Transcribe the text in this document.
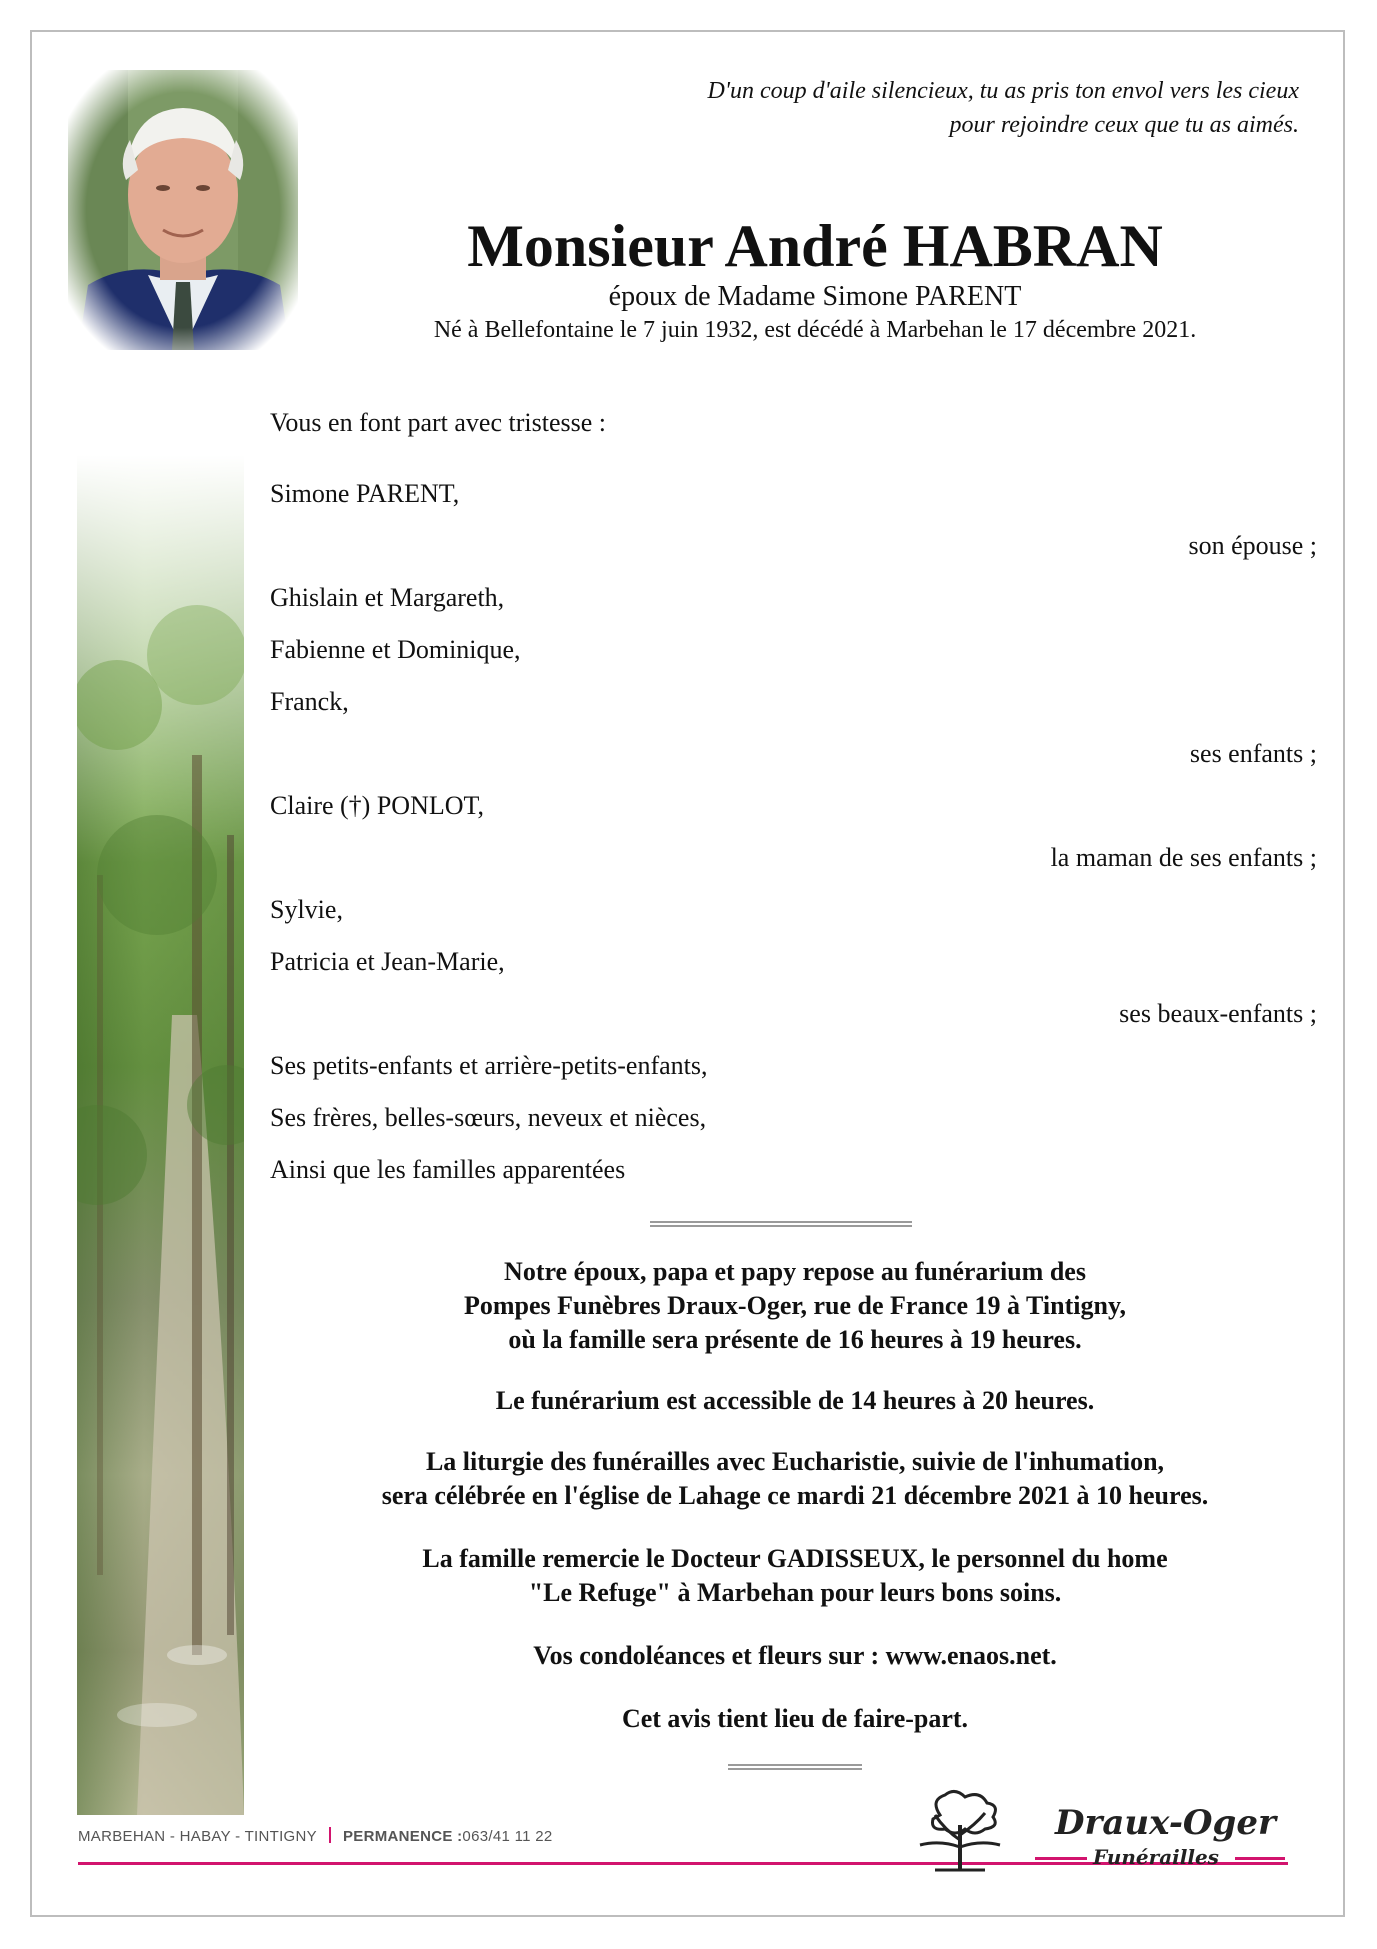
D'un coup d'aile silencieux, tu as pris ton envol vers les cieux
pour rejoindre ceux que tu as aimés.
Monsieur André HABRAN
époux de Madame Simone PARENT
Né à Bellefontaine le 7 juin 1932, est décédé à Marbehan le 17 décembre 2021.
Vous en font part avec tristesse :
Simone PARENT,
son épouse ;
Ghislain et Margareth,
Fabienne et Dominique,
Franck,
ses enfants ;
Claire (†) PONLOT,
la maman de ses enfants ;
Sylvie,
Patricia et Jean-Marie,
ses beaux-enfants ;
Ses petits-enfants et arrière-petits-enfants,
Ses frères, belles-sœurs, neveux et nièces,
Ainsi que les familles apparentées

Notre époux, papa et papy repose au funérarium des

Pompes Funèbres Draux-Oger, rue de France 19 à Tintigny,

où la famille sera présente de 16 heures à 19 heures.

Le funérarium est accessible de 14 heures à 20 heures.

La liturgie des funérailles avec Eucharistie, suivie de l'inhumation,

sera célébrée en l'église de Lahage ce mardi 21 décembre 2021 à 10 heures.

La famille remercie le Docteur GADISSEUX, le personnel du home

"Le Refuge" à Marbehan pour leurs bons soins.

Vos condoléances et fleurs sur : www.enaos.net.

Cet avis tient lieu de faire-part.

MARBEHAN - HABAY - TINTIGNY PERMANENCE :063/41 11 22	Draux-Oger
Funérailles
